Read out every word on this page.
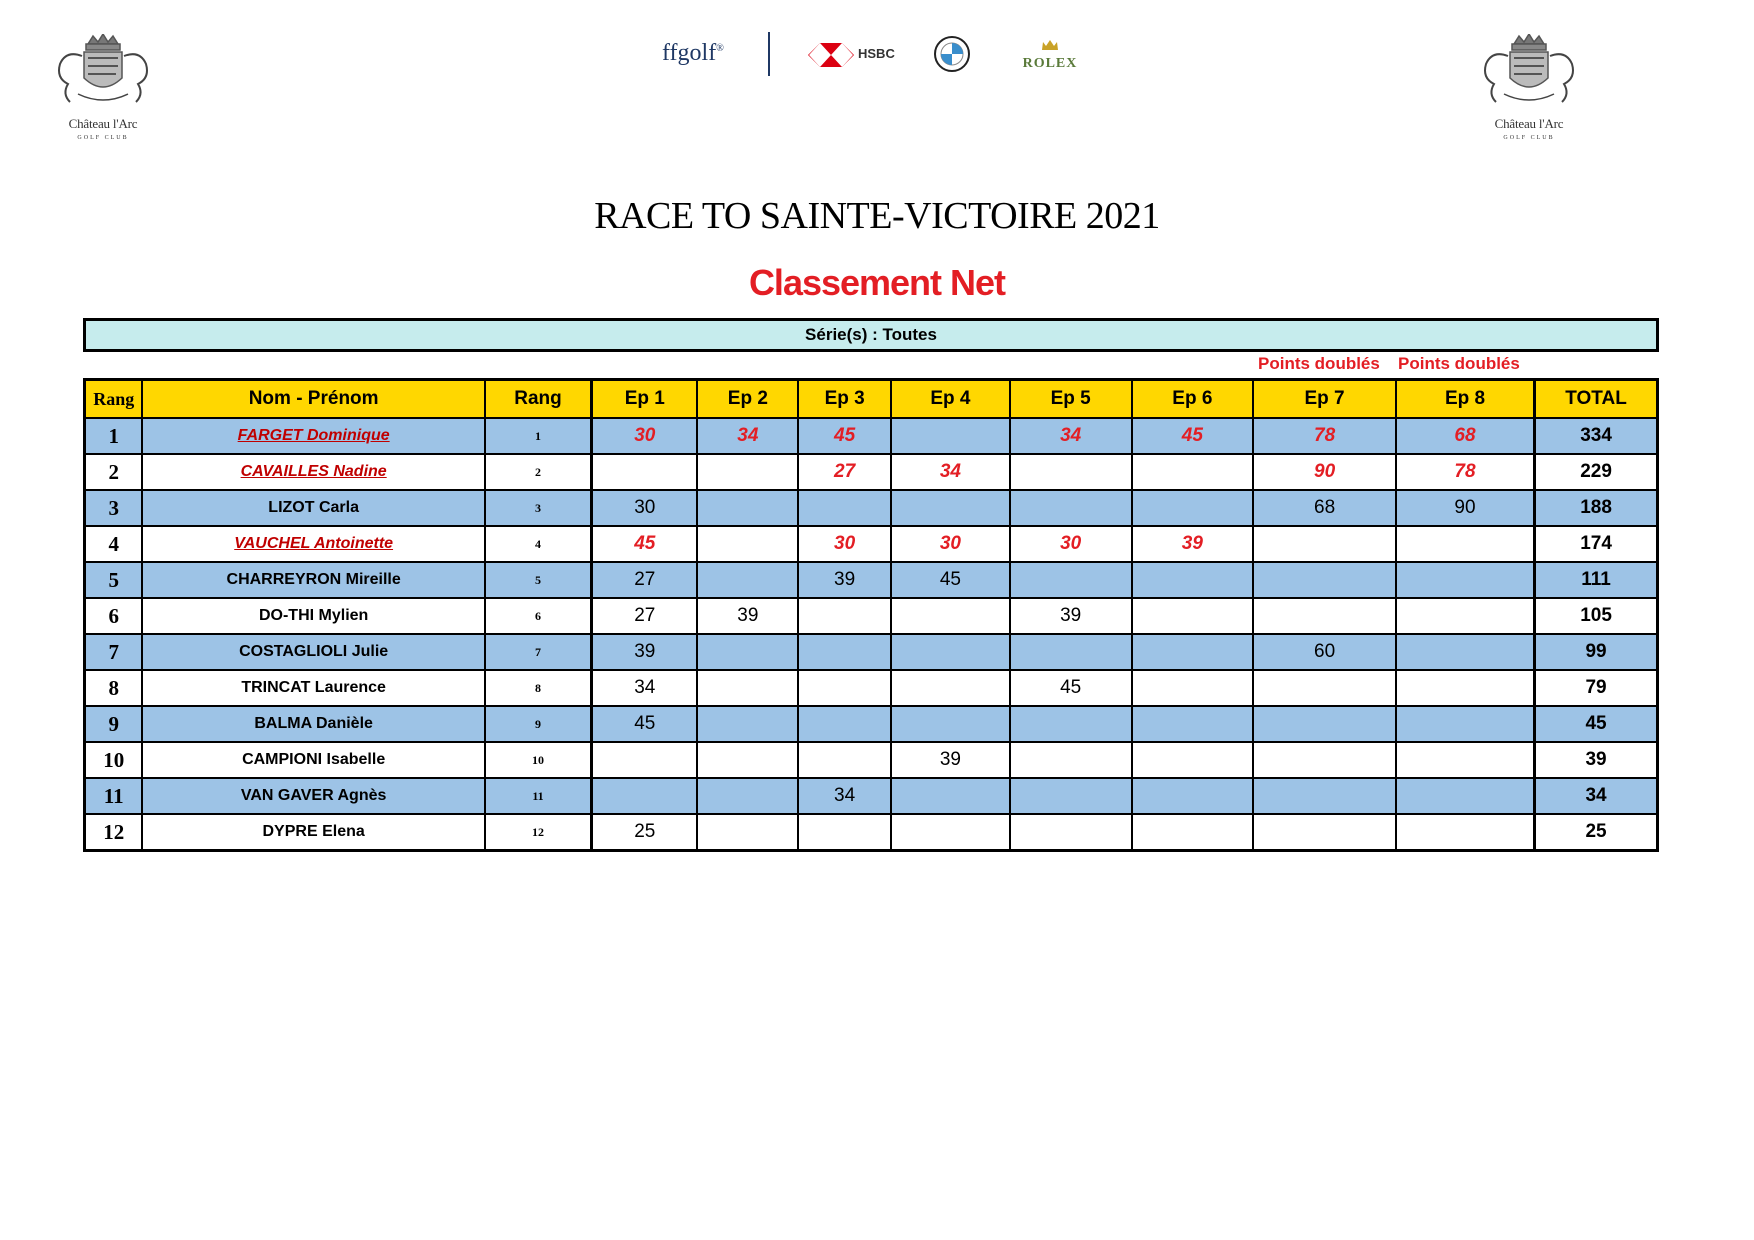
Château l'Arc
GOLF CLUB
Château l'Arc
GOLF CLUB
ffgolf®	HSBC
ROLEX
RACE TO SAINTE-VICTOIRE 2021
Classement Net
Série(s) : Toutes
Points doublés Points doublés
Rang	Nom - Prénom	Rang	Ep 1	Ep 2	Ep 3	Ep 4	Ep 5	Ep 6	Ep 7	Ep 8	TOTAL
1	FARGET Dominique	1	30	34	45		34	45	78	68	334
2	CAVAILLES Nadine	2			27	34			90	78	229
3	LIZOT Carla	3	30						68	90	188
4	VAUCHEL Antoinette	4	45		30	30	30	39			174
5	CHARREYRON Mireille	5	27		39	45					111
6	DO-THI Mylien	6	27	39			39				105
7	COSTAGLIOLI Julie	7	39						60		99
8	TRINCAT Laurence	8	34				45				79
9	BALMA Danièle	9	45								45
10	CAMPIONI Isabelle	10				39					39
11	VAN GAVER Agnès	11			34						34
12	DYPRE Elena	12	25								25
